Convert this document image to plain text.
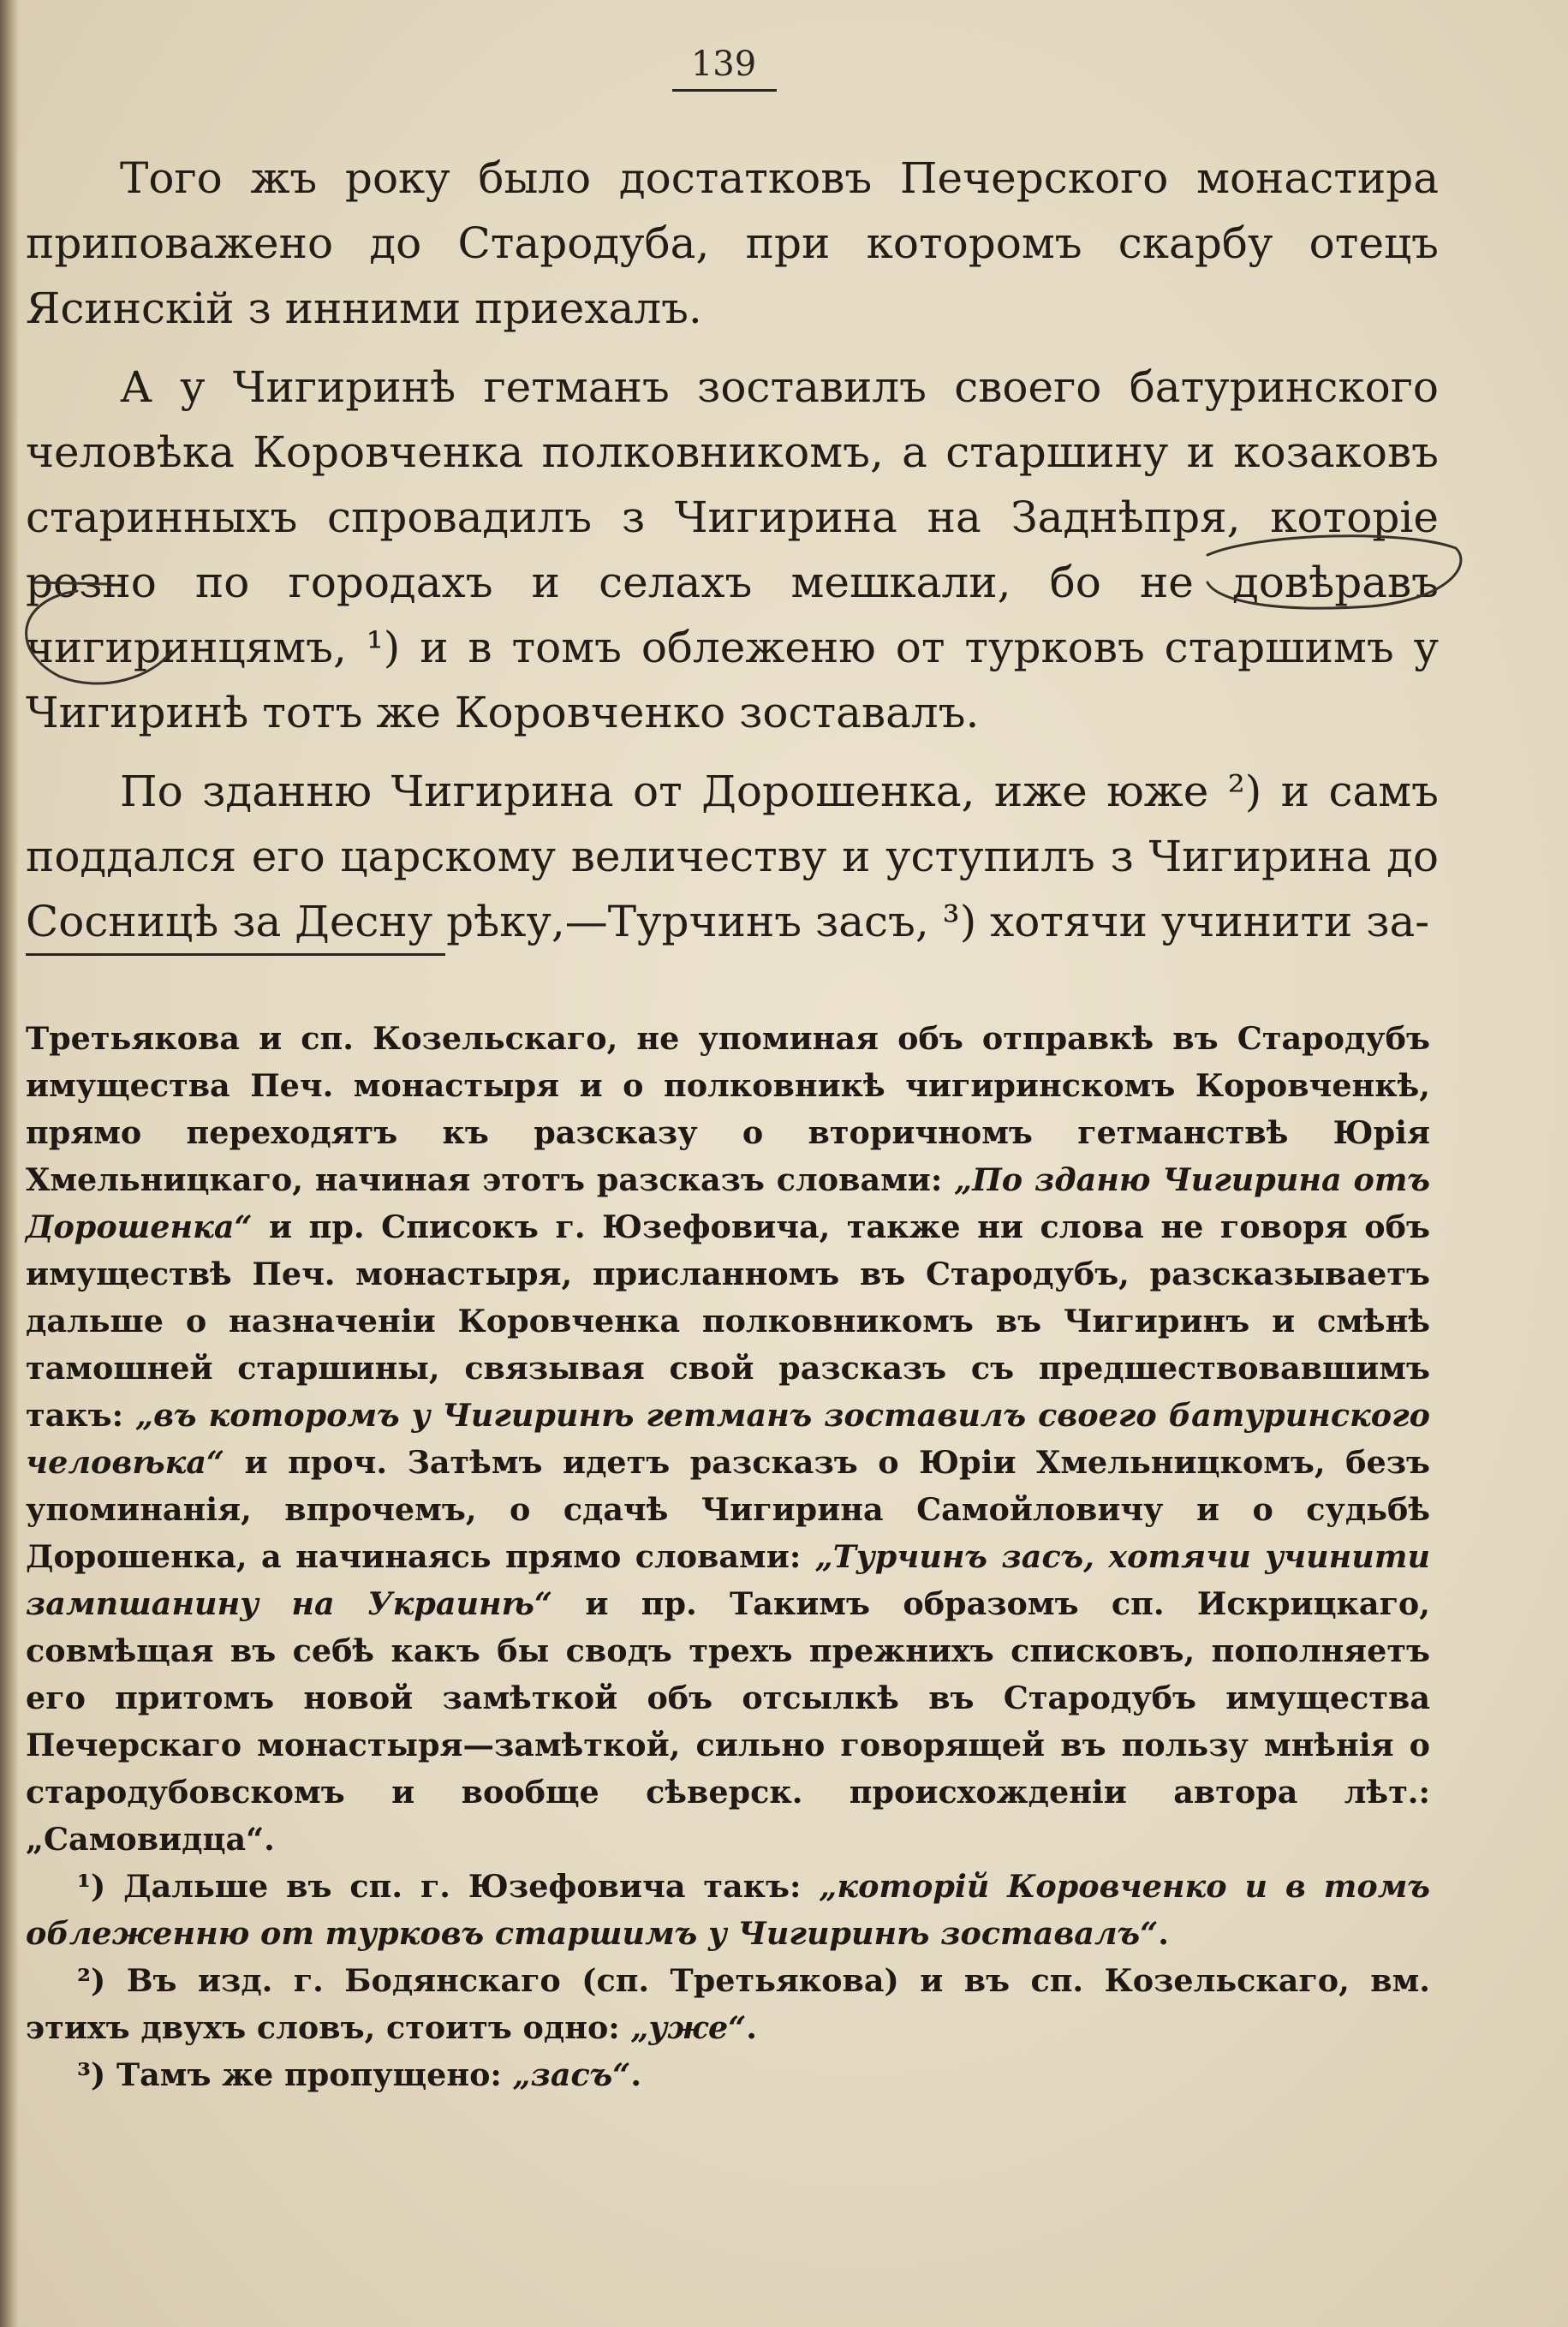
139

Того жъ року было достатковъ Печерского монастира приповажено до Стародуба, при которомъ скарбу отецъ Ясинскій з инними приехалъ.

А у Чигиринѣ гетманъ зоставилъ своего батуринского человѣка Коровченка полковникомъ, а старшину и козаковъ старинныхъ спровадилъ з Чигирина на Заднѣпря, которіе розно по городахъ и селахъ мешкали, бо не довѣравъ чигиринцямъ, ¹) и в томъ облеженю от турковъ старшимъ у Чигиринѣ тотъ же Коровченко зоставалъ.

По зданню Чигирина от Дорошенка, иже юже ²) и самъ поддался его царскому величеству и уступилъ з Чигирина до Сосницѣ за Десну рѣку,—Турчинъ засъ, ³) хотячи учинити за-

Третьякова и сп. Козельскаго, не упоминая объ отправкѣ въ Стародубъ имущества Печ. монастыря и о полковникѣ чигиринскомъ Коровченкѣ, прямо переходятъ къ разсказу о вторичномъ гетманствѣ Юрія Хмельницкаго, начиная этотъ разсказъ словами: „По зданю Чигирина отъ Дорошенка“ и пр. Списокъ г. Юзефовича, также ни слова не говоря объ имуществѣ Печ. монастыря, присланномъ въ Стародубъ, разсказываетъ дальше о назначеніи Коровченка полковникомъ въ Чигиринъ и смѣнѣ тамошней старшины, связывая свой разсказъ съ предшествовавшимъ такъ: „въ которомъ у Чигиринѣ гетманъ зоставилъ своего батуринского человѣка“ и проч. Затѣмъ идетъ разсказъ о Юріи Хмельницкомъ, безъ упоминанія, впрочемъ, о сдачѣ Чигирина Самойловичу и о судьбѣ Дорошенка, а начинаясь прямо словами: „Турчинъ засъ, хотячи учинити зампшанину на Украинѣ“ и пр. Такимъ образомъ сп. Искрицкаго, совмѣщая въ себѣ какъ бы сводъ трехъ прежнихъ списковъ, пополняетъ его притомъ новой замѣткой объ отсылкѣ въ Стародубъ имущества Печерскаго монастыря—замѣткой, сильно говорящей въ пользу мнѣнія о стародубовскомъ и вообще сѣверск. происхожденіи автора лѣт.: „Самовидца“.

¹) Дальше въ сп. г. Юзефовича такъ: „которій Коровченко и в томъ облеженню от турковъ старшимъ у Чигиринѣ зоставалъ“.

²) Въ изд. г. Бодянскаго (сп. Третьякова) и въ сп. Козельскаго, вм. этихъ двухъ словъ, стоитъ одно: „уже“.

³) Тамъ же пропущено: „засъ“.
